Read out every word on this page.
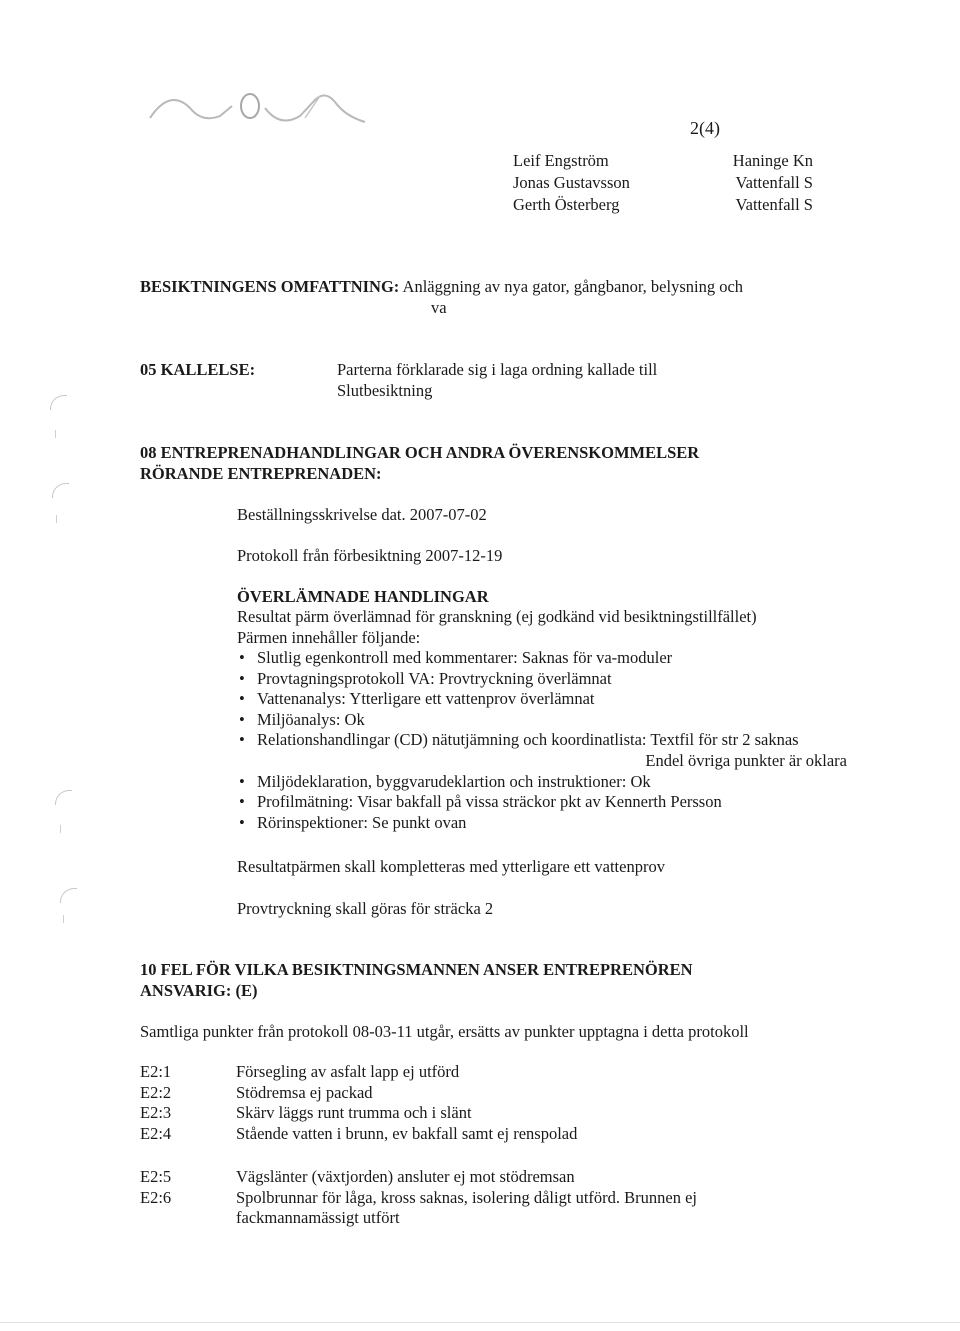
2(4)
Leif Engström	Haninge Kn
Jonas Gustavsson	Vattenfall S
Gerth Österberg	Vattenfall S
BESIKTNINGENS OMFATTNING: Anläggning av nya gator, gångbanor, belysning och
va
05 KALLELSE:	Parterna förklarade sig i laga ordning kallade till
Slutbesiktning
08 ENTREPRENADHANDLINGAR OCH ANDRA ÖVERENSKOMMELSER
RÖRANDE ENTREPRENADEN:
Beställningsskrivelse dat. 2007-07-02
Protokoll från förbesiktning 2007-12-19
ÖVERLÄMNADE HANDLINGAR
Resultat pärm överlämnad för granskning (ej godkänd vid besiktningstillfället)
Pärmen innehåller följande:
• Slutlig egenkontroll med kommentarer: Saknas för va-moduler
• Provtagningsprotokoll VA: Provtryckning överlämnat
• Vattenanalys: Ytterligare ett vattenprov överlämnat
• Miljöanalys: Ok
• Relationshandlingar (CD) nätutjämning och koordinatlista: Textfil för str 2 saknas
Endel övriga punkter är oklara
• Miljödeklaration, byggvarudeklartion och instruktioner: Ok
• Profilmätning: Visar bakfall på vissa sträckor pkt av Kennerth Persson
• Rörinspektioner: Se punkt ovan
Resultatpärmen skall kompletteras med ytterligare ett vattenprov
Provtryckning skall göras för sträcka 2
10 FEL FÖR VILKA BESIKTNINGSMANNEN ANSER ENTREPRENÖREN
ANSVARIG: (E)
Samtliga punkter från protokoll 08-03-11 utgår, ersätts av punkter upptagna i detta protokoll
E2:1	Försegling av asfalt lapp ej utförd
E2:2	Stödremsa ej packad
E2:3	Skärv läggs runt trumma och i slänt
E2:4	Stående vatten i brunn, ev bakfall samt ej renspolad
E2:5	Vägslänter (växtjorden) ansluter ej mot stödremsan
E2:6	Spolbrunnar för låga, kross saknas, isolering dåligt utförd. Brunnen ej fackmannamässigt utfört
